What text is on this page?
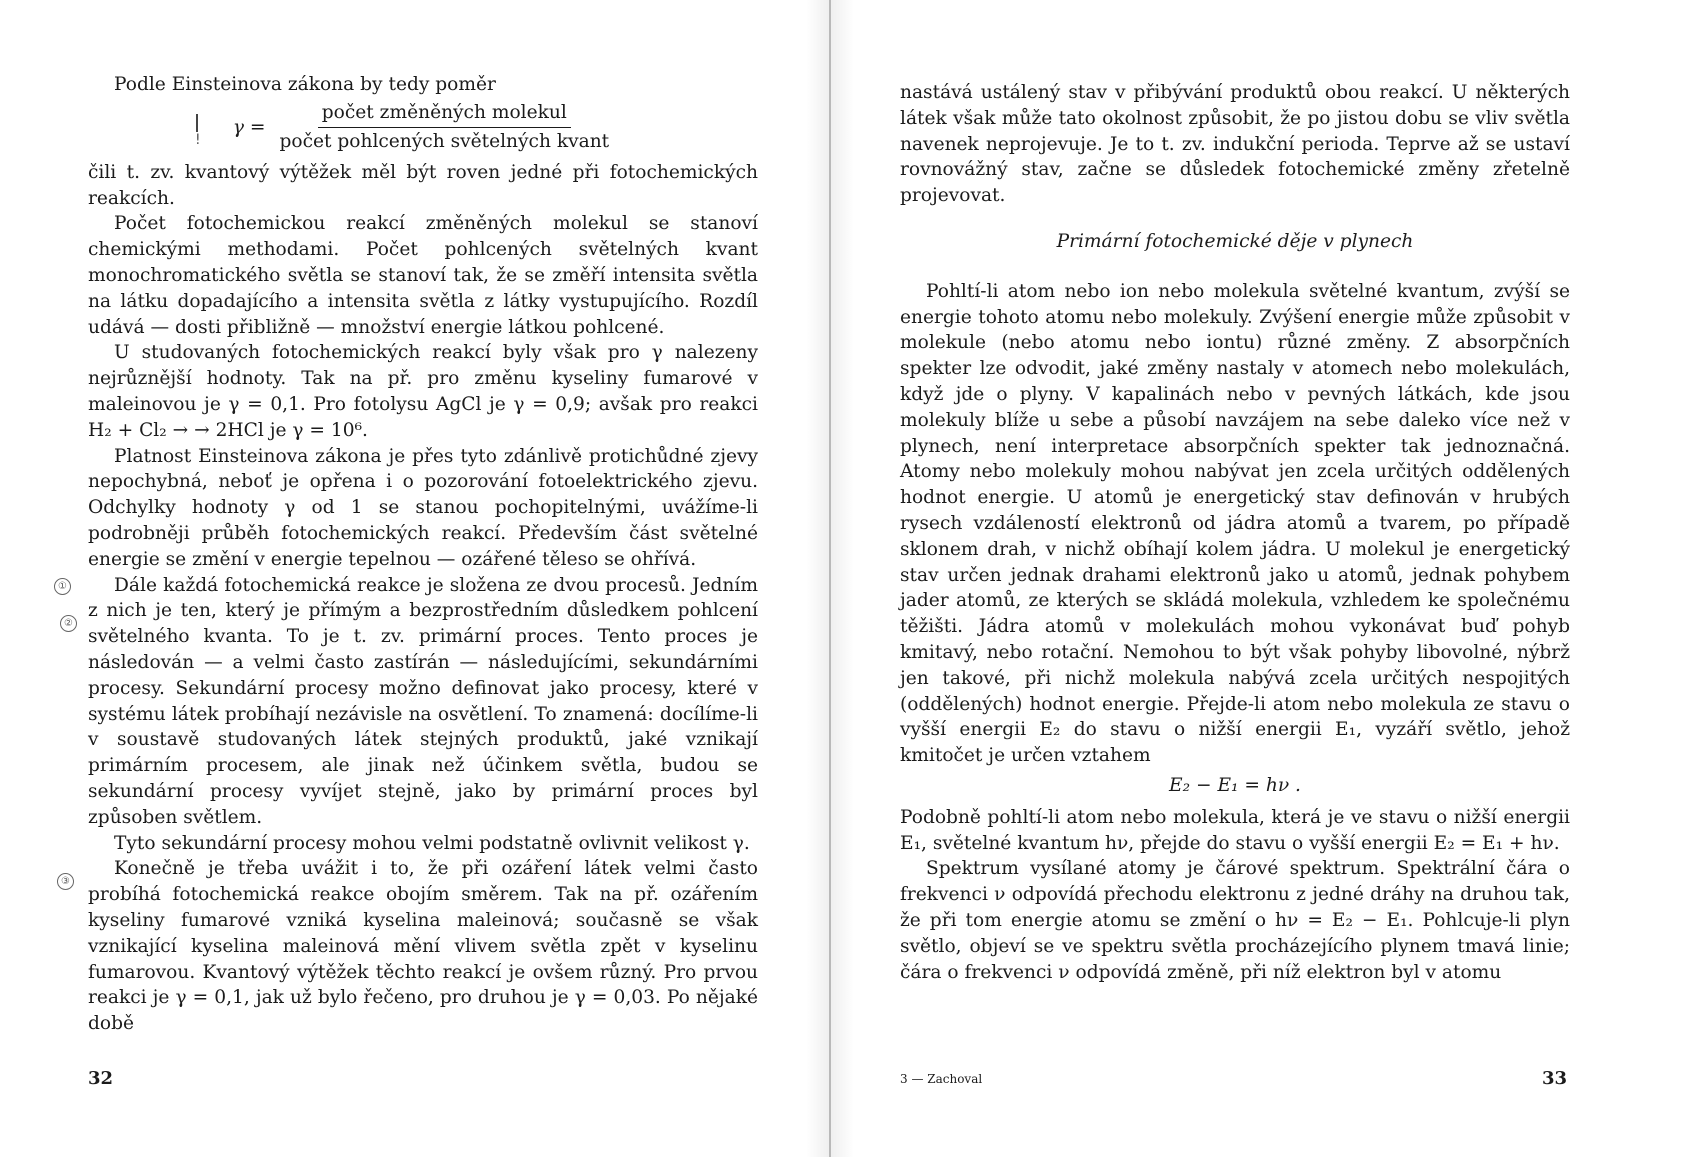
Podle Einsteinova zákona by tedy poměr

$\gamma = \frac{\text{počet změněných molekul}}{\text{počet pohlcených světelných kvant}}$

čili t. zv. kvantový výtěžek měl být roven jedné při fotochemických reakcích.

Počet fotochemickou reakcí změněných molekul se stanoví chemickými methodami. Počet pohlcených světelných kvant monochromatického světla se stanoví tak, že se změří intensita světla na látku dopadajícího a intensita světla z látky vystupujícího. Rozdíl udává — dosti přibližně — množství energie látkou pohlcené.

U studovaných fotochemických reakcí byly však pro γ nalezeny nejrůznější hodnoty. Tak na př. pro změnu kyseliny fumarové v maleinovou je γ = 0,1. Pro fotolysu AgCl je γ = 0,9; avšak pro reakci H₂ + Cl₂ → → 2HCl je γ = 10⁶.

Platnost Einsteinova zákona je přes tyto zdánlivě protichůdné zjevy nepochybná, neboť je opřena i o pozorování fotoelektrického zjevu. Odchylky hodnoty γ od 1 se stanou pochopitelnými, uvážíme-li podrobněji průběh fotochemických reakcí. Především část světelné energie se změní v energie tepelnou — ozářené těleso se ohřívá.

Dále každá fotochemická reakce je složena ze dvou procesů. Jedním z nich je ten, který je přímým a bezprostředním důsledkem pohlcení světelného kvanta. To je t. zv. primární proces. Tento proces je následován — a velmi často zastírán — následujícími, sekundárními procesy. Sekundární procesy možno definovat jako procesy, které v systému látek probíhají nezávisle na osvětlení. To znamená: docílíme-li v soustavě studovaných látek stejných produktů, jaké vznikají primárním procesem, ale jinak než účinkem světla, budou se sekundární procesy vyvíjet stejně, jako by primární proces byl způsoben světlem.

Tyto sekundární procesy mohou velmi podstatně ovlivnit velikost γ.

Konečně je třeba uvážit i to, že při ozáření látek velmi často probíhá fotochemická reakce obojím směrem. Tak na př. ozářením kyseliny fumarové vzniká kyselina maleinová; současně se však vznikající kyselina maleinová mění vlivem světla zpět v kyselinu fumarovou. Kvantový výtěžek těchto reakcí je ovšem různý. Pro prvou reakci je γ = 0,1, jak už bylo řečeno, pro druhou je γ = 0,03. Po nějaké době

!
①
②
③
32

nastává ustálený stav v přibývání produktů obou reakcí. U některých látek však může tato okolnost způsobit, že po jistou dobu se vliv světla navenek neprojevuje. Je to t. zv. indukční perioda. Teprve až se ustaví rovnovážný stav, začne se důsledek fotochemické změny zřetelně projevovat.

Primární fotochemické děje v plynech

Pohltí-li atom nebo ion nebo molekula světelné kvantum, zvýší se energie tohoto atomu nebo molekuly. Zvýšení energie může způsobit v molekule (nebo atomu nebo iontu) různé změny. Z absorpčních spekter lze odvodit, jaké změny nastaly v atomech nebo molekulách, když jde o plyny. V kapalinách nebo v pevných látkách, kde jsou molekuly blíže u sebe a působí navzájem na sebe daleko více než v plynech, není interpretace absorpčních spekter tak jednoznačná. Atomy nebo molekuly mohou nabývat jen zcela určitých oddělených hodnot energie. U atomů je energetický stav definován v hrubých rysech vzdáleností elektronů od jádra atomů a tvarem, po případě sklonem drah, v nichž obíhají kolem jádra. U molekul je energetický stav určen jednak drahami elektronů jako u atomů, jednak pohybem jader atomů, ze kterých se skládá molekula, vzhledem ke společnému těžišti. Jádra atomů v molekulách mohou vykonávat buď pohyb kmitavý, nebo rotační. Nemohou to být však pohyby libovolné, nýbrž jen takové, při nichž molekula nabývá zcela určitých nespojitých (oddělených) hodnot energie. Přejde-li atom nebo molekula ze stavu o vyšší energii E₂ do stavu o nižší energii E₁, vyzáří světlo, jehož kmitočet je určen vztahem

E₂ − E₁ = hν .

Podobně pohltí-li atom nebo molekula, která je ve stavu o nižší energii E₁, světelné kvantum hν, přejde do stavu o vyšší energii E₂ = E₁ + hν.

Spektrum vysílané atomy je čárové spektrum. Spektrální čára o frekvenci ν odpovídá přechodu elektronu z jedné dráhy na druhou tak, že při tom energie atomu se změní o hν = E₂ − E₁. Pohlcuje-li plyn světlo, objeví se ve spektru světla procházejícího plynem tmavá linie; čára o frekvenci ν odpovídá změně, při níž elektron byl v atomu

3 — Zachoval	33
